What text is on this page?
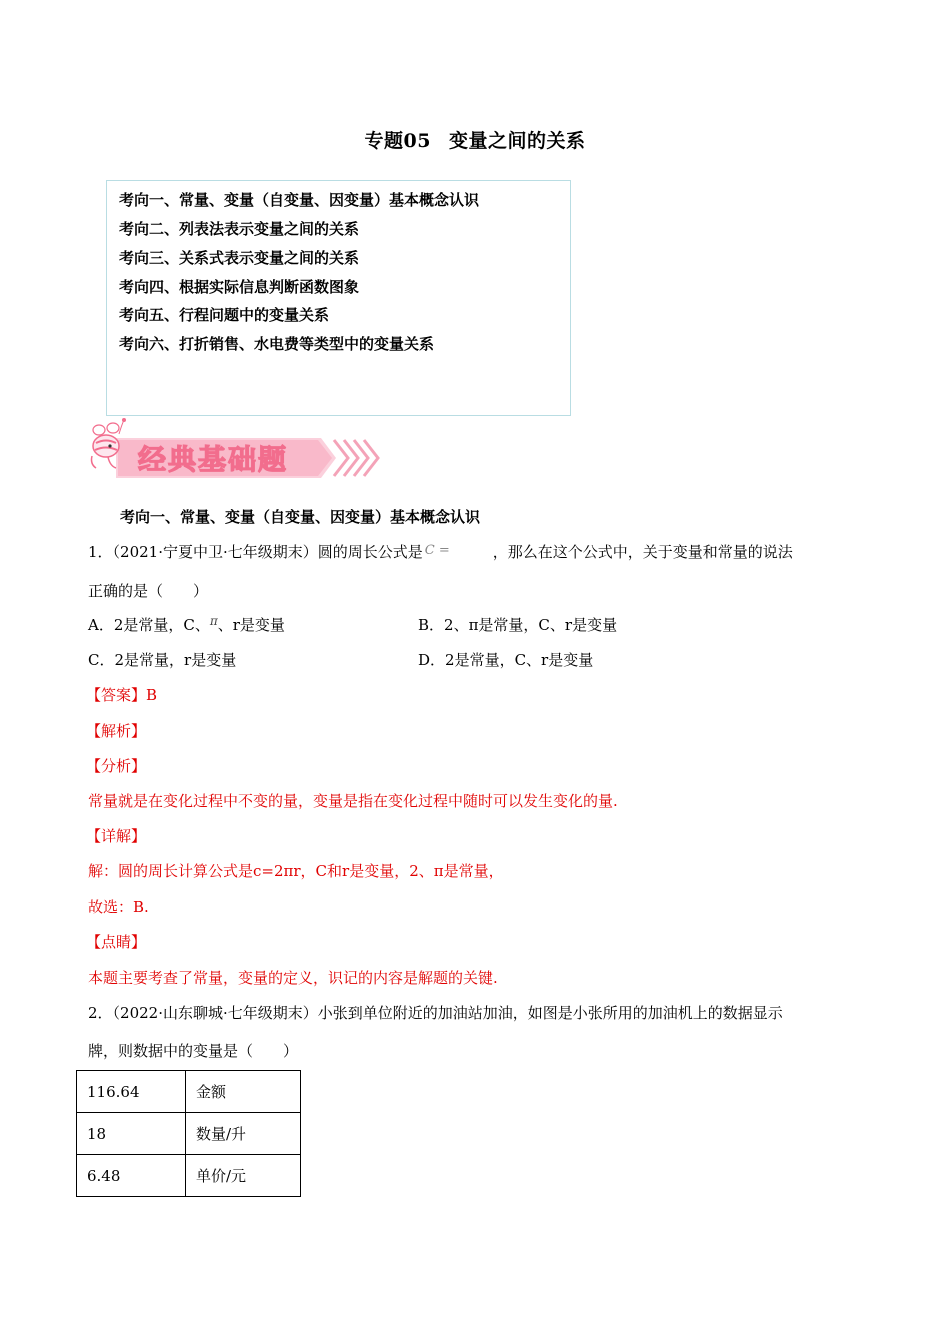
专题05 变量之间的关系
考向一、常量、变量（自变量、因变量）基本概念认识
考向二、列表法表示变量之间的关系
考向三、关系式表示变量之间的关系
考向四、根据实际信息判断函数图象
考向五、行程问题中的变量关系
考向六、打折销售、水电费等类型中的变量关系
经典基础题
考向一、常量、变量（自变量、因变量）基本概念认识
1．（2021·宁夏中卫·七年级期末）圆的周长公式是 C =	，那么在这个公式中，关于变量和常量的说法
正确的是（　　）
A．2是常量，C、$^\pi$、r是变量	B．2、π是常量，C、r是变量
C．2是常量，r是变量	D．2是常量，C、r是变量
【答案】B
【解析】
【分析】
常量就是在变化过程中不变的量，变量是指在变化过程中随时可以发生变化的量.
【详解】
解：圆的周长计算公式是c=2πr，C和r是变量，2、π是常量，
故选：B.
【点睛】
本题主要考查了常量，变量的定义，识记的内容是解题的关键.
2．（2022·山东聊城·七年级期末）小张到单位附近的加油站加油，如图是小张所用的加油机上的数据显示
牌，则数据中的变量是（　　）
116.64	金额
18	数量/升
6.48	单价/元
